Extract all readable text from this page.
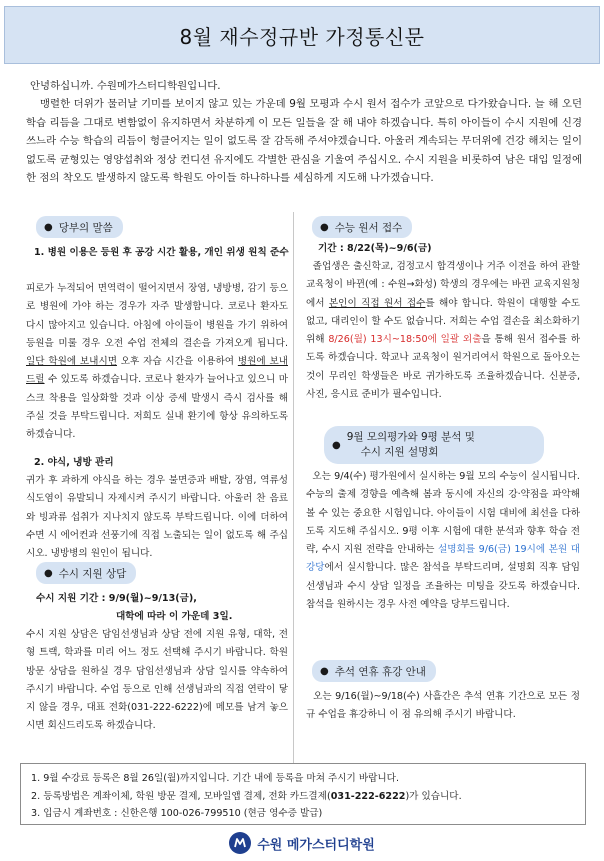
8월 재수정규반 가정통신문

안녕하십니까. 수원메가스터디학원입니다.

맹렬한 더위가 물러날 기미를 보이지 않고 있는 가운데 9월 모평과 수시 원서 접수가 코앞으로 다가왔습니다. 늘 해 오던 학습 리듬을 그대로 변함없이 유지하면서 차분하게 이 모든 일들을 잘 해 내야 하겠습니다. 특히 아이들이 수시 지원에 신경쓰느라 수능 학습의 리듬이 헝클어지는 일이 없도록 잘 감독해 주셔야겠습니다. 아울러 계속되는 무더위에 건강 해치는 일이 없도록 균형있는 영양섭취와 정상 컨디션 유지에도 각별한 관심을 기울여 주십시오. 수시 지원을 비롯하여 남은 대입 일정에 한 점의 착오도 발생하지 않도록 학원도 아이들 하나하나를 세심하게 지도해 나가겠습니다.

● 당부의 말씀
1. 병원 이용은 등원 후 공강 시간 활용, 개인 위생 원칙 준수
피로가 누적되어 면역력이 떨어지면서 장염, 냉방병, 감기 등으로 병원에 가야 하는 경우가 자주 발생합니다. 코로나 환자도 다시 많아지고 있습니다. 아침에 아이들이 병원을 가기 위하여 등원을 미룰 경우 오전 수업 전체의 결손을 가져오게 됩니다. 일단 학원에 보내시면 오후 자습 시간을 이용하여 병원에 보내드릴 수 있도록 하겠습니다. 코로나 환자가 늘어나고 있으니 마스크 착용을 일상화할 것과 이상 증세 발생시 즉시 검사를 해 주실 것을 부탁드립니다. 저희도 실내 환기에 항상 유의하도록 하겠습니다.
2. 야식, 냉방 관리
귀가 후 과하게 야식을 하는 경우 불면증과 배탈, 장염, 역류성 식도염이 유발되니 자제시켜 주시기 바랍니다. 아울러 찬 음료와 빙과류 섭취가 지나치지 않도록 부탁드립니다. 이에 더하여 수면 시 에어컨과 선풍기에 직접 노출되는 일이 없도록 해 주십시오. 냉방병의 원인이 됩니다.
● 수시 지원 상담
수시 지원 기간 : 9/9(월)~9/13(금),
대학에 따라 이 가운데 3일.
수시 지원 상담은 담임선생님과 상담 전에 지원 유형, 대학, 전형 트랙, 학과를 미리 어느 정도 선택해 주시기 바랍니다. 학원 방문 상담을 원하실 경우 담임선생님과 상담 일시를 약속하여 주시기 바랍니다. 수업 등으로 인해 선생님과의 직접 연락이 닿지 않을 경우, 대표 전화(031-222-6222)에 메모를 남겨 놓으시면 회신드리도록 하겠습니다.
● 수능 원서 접수
기간 : 8/22(목)~9/6(금)
졸업생은 출신학교, 검정고시 합격생이나 거주 이전을 하여 관할 교육청이 바뀐(예 : 수원→화성) 학생의 경우에는 바뀐 교육지원청에서 본인이 직접 원서 접수를 해야 합니다. 학원이 대행할 수도 없고, 대리인이 할 수도 없습니다. 저희는 수업 결손을 최소화하기 위해 8/26(월) 13시~18:50에 일괄 외출을 통해 원서 접수를 하도록 하겠습니다. 학교나 교육청이 원거리여서 학원으로 돌아오는 것이 무리인 학생들은 바로 귀가하도록 조율하겠습니다. 신분증, 사진, 응시료 준비가 필수입니다.
●
9월 모의평가와 9평 분석 및
수시 지원 설명회
오는 9/4(수) 평가원에서 실시하는 9월 모의 수능이 실시됩니다. 수능의 출제 경향을 예측해 봄과 동시에 자신의 강·약점을 파악해 볼 수 있는 중요한 시험입니다. 아이들이 시험 대비에 최선을 다하도록 지도해 주십시오. 9평 이후 시험에 대한 분석과 향후 학습 전략, 수시 지원 전략을 안내하는 설명회를 9/6(금) 19시에 본원 대강당에서 실시합니다. 많은 참석을 부탁드리며, 설명회 직후 담임선생님과 수시 상담 일정을 조율하는 미팅을 갖도록 하겠습니다. 참석을 원하시는 경우 사전 예약을 당부드립니다.
● 추석 연휴 휴강 안내
오는 9/16(월)~9/18(수) 사흘간은 추석 연휴 기간으로 모든 정규 수업을 휴강하니 이 점 유의해 주시기 바랍니다.
1. 9월 수강료 등록은 8월 26일(월)까지입니다. 기간 내에 등록을 마쳐 주시기 바랍니다.
2. 등록방법은 계좌이체, 학원 방문 결제, 모바일앱 결제, 전화 카드결제(031-222-6222)가 있습니다.
3. 입금시 계좌번호 : 신한은행 100-026-799510 (현금 영수증 발급)
수원 메가스터디학원
